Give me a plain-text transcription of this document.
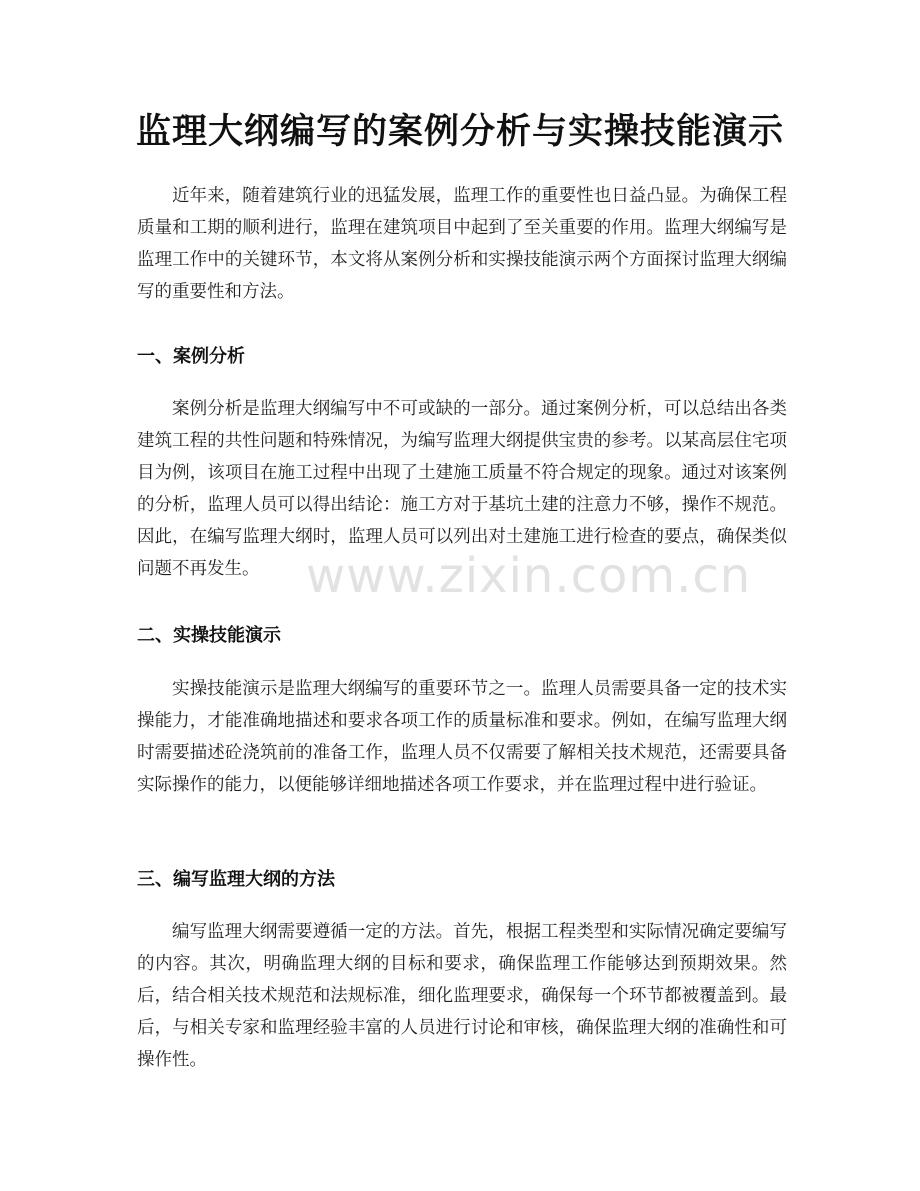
监理大纲编写的案例分析与实操技能演示

近年来，随着建筑行业的迅猛发展，监理工作的重要性也日益凸显。为确保工程质量和工期的顺利进行，监理在建筑项目中起到了至关重要的作用。监理大纲编写是监理工作中的关键环节，本文将从案例分析和实操技能演示两个方面探讨监理大纲编写的重要性和方法。

一、案例分析

案例分析是监理大纲编写中不可或缺的一部分。通过案例分析，可以总结出各类建筑工程的共性问题和特殊情况，为编写监理大纲提供宝贵的参考。以某高层住宅项目为例，该项目在施工过程中出现了土建施工质量不符合规定的现象。通过对该案例的分析，监理人员可以得出结论：施工方对于基坑土建的注意力不够，操作不规范。因此，在编写监理大纲时，监理人员可以列出对土建施工进行检查的要点，确保类似问题不再发生。

二、实操技能演示

实操技能演示是监理大纲编写的重要环节之一。监理人员需要具备一定的技术实操能力，才能准确地描述和要求各项工作的质量标准和要求。例如，在编写监理大纲时需要描述砼浇筑前的准备工作，监理人员不仅需要了解相关技术规范，还需要具备实际操作的能力，以便能够详细地描述各项工作要求，并在监理过程中进行验证。

三、编写监理大纲的方法

编写监理大纲需要遵循一定的方法。首先，根据工程类型和实际情况确定要编写的内容。其次，明确监理大纲的目标和要求，确保监理工作能够达到预期效果。然后，结合相关技术规范和法规标准，细化监理要求，确保每一个环节都被覆盖到。最后，与相关专家和监理经验丰富的人员进行讨论和审核，确保监理大纲的准确性和可操作性。

www.zixin.com.cn
